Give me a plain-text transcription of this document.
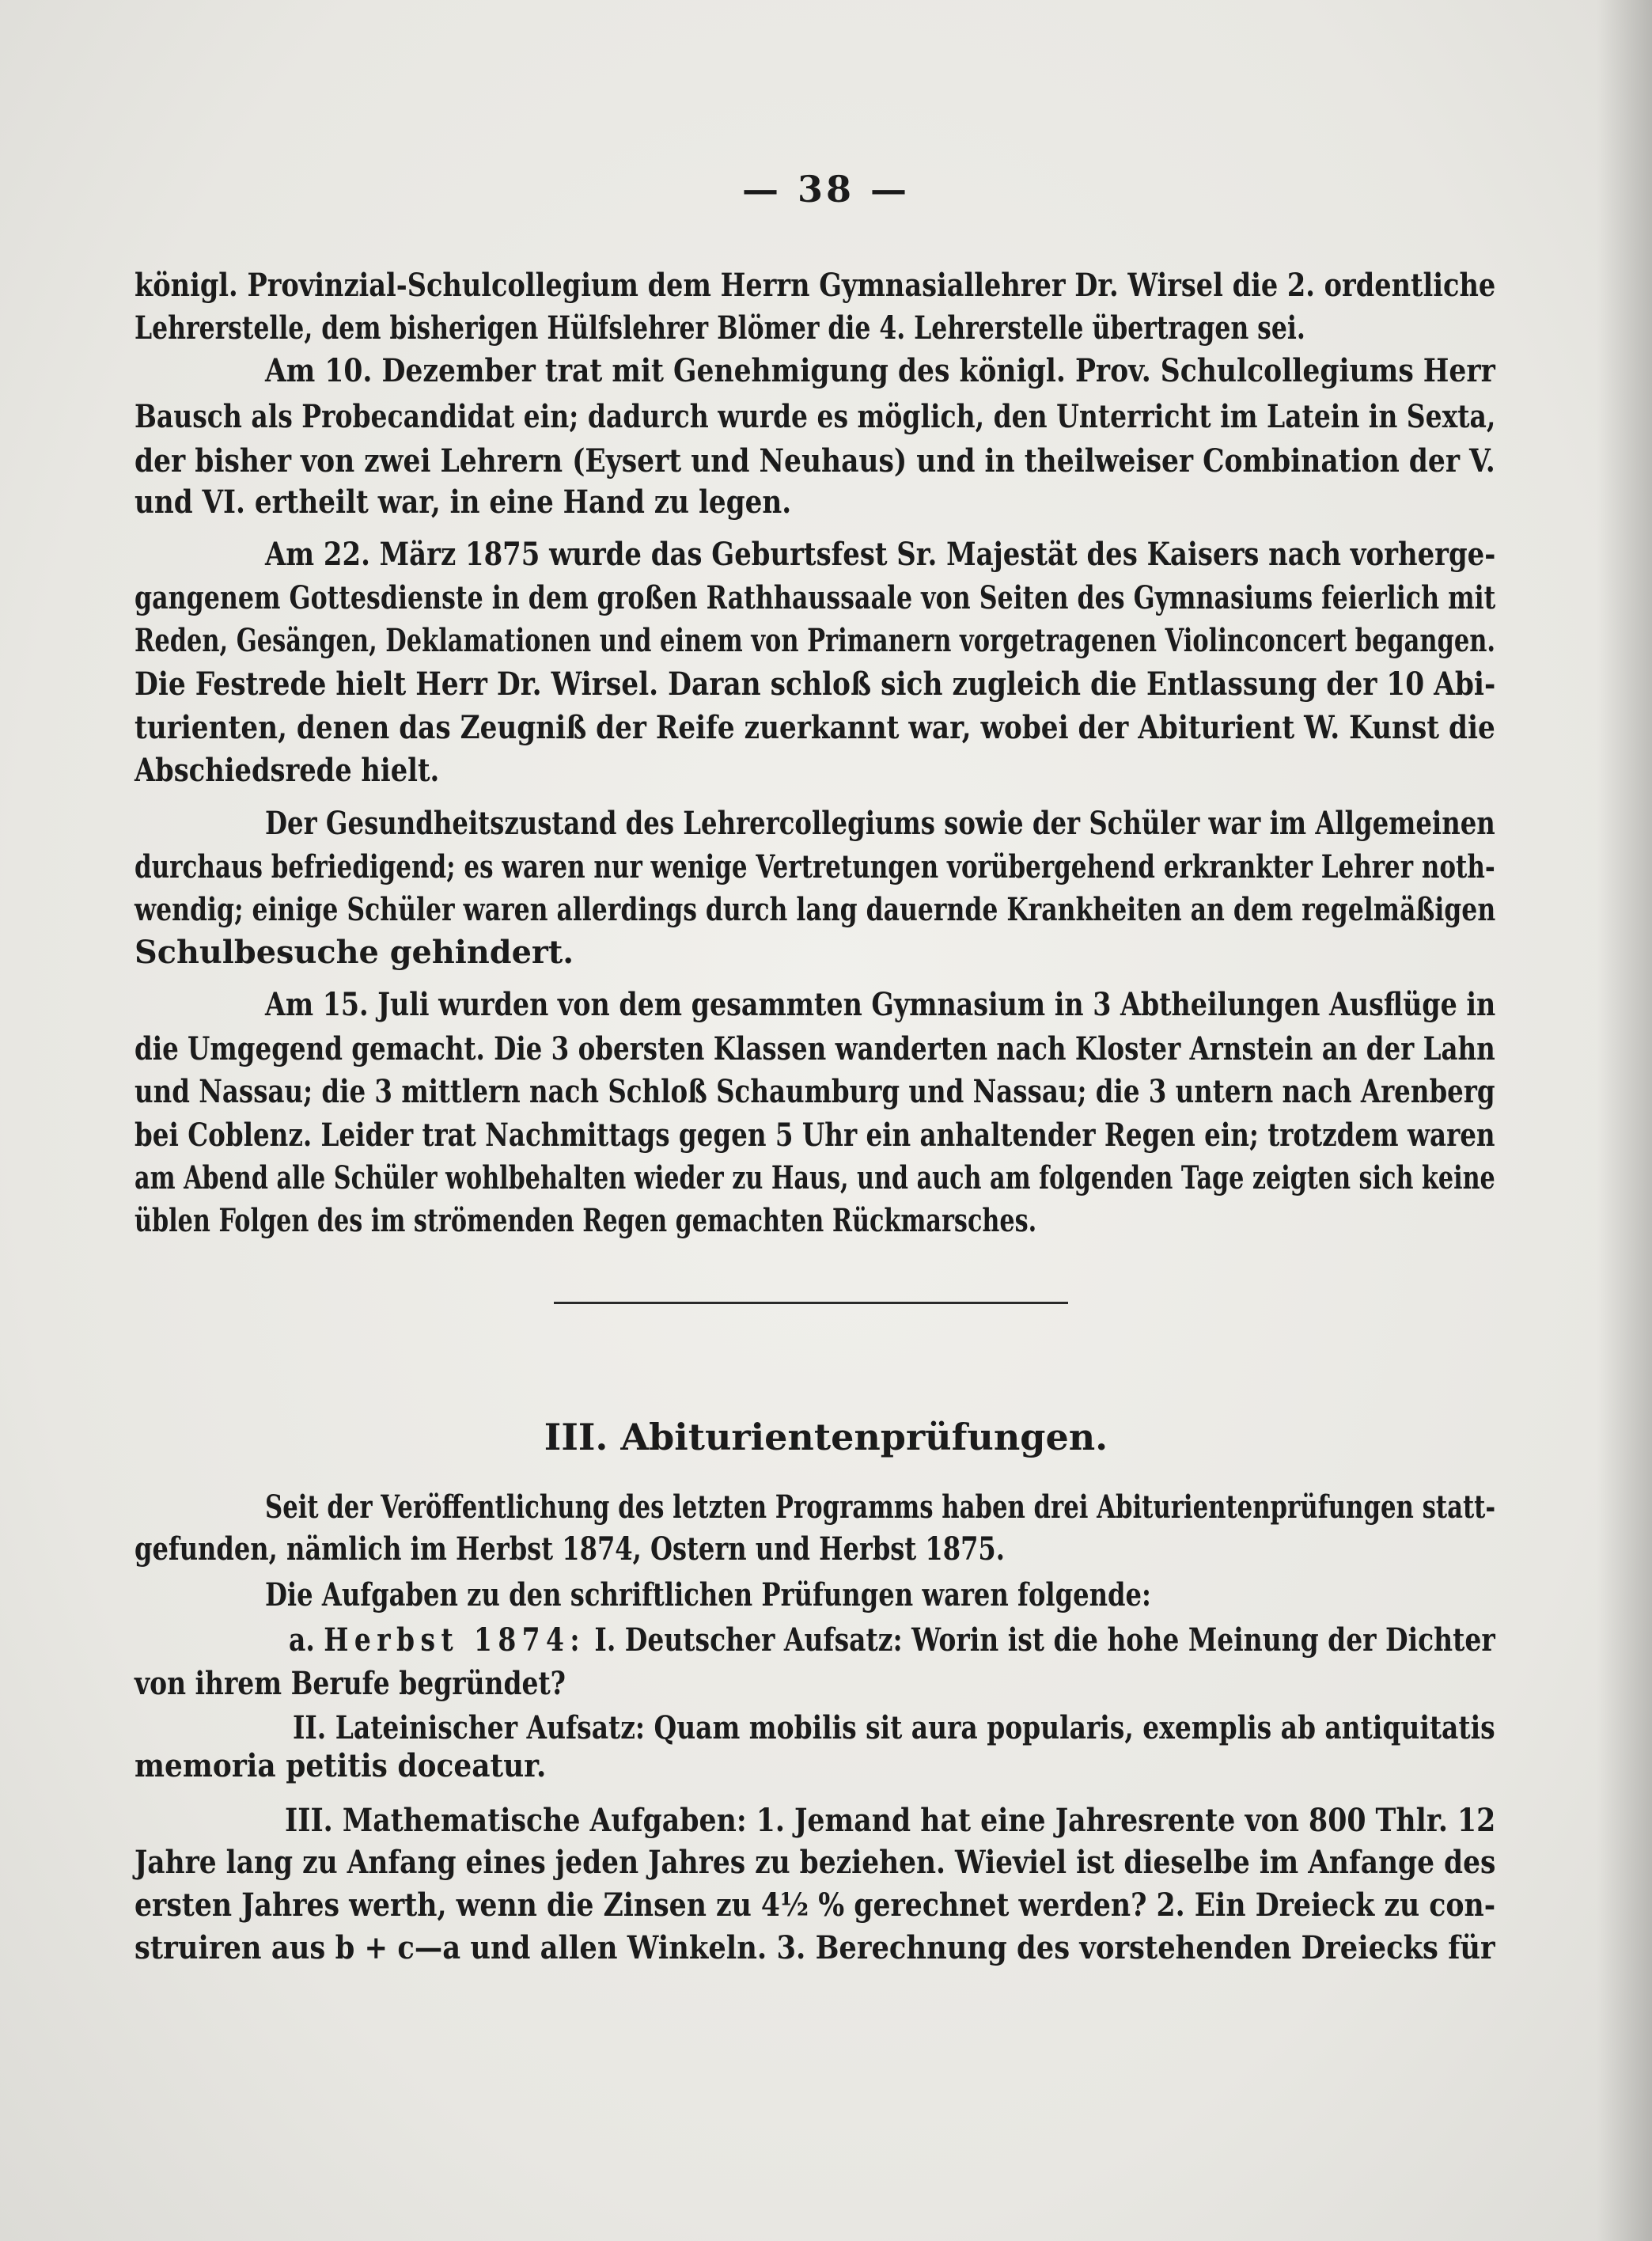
— 38 —
königl. Provinzial-Schulcollegium dem Herrn Gymnasiallehrer Dr. Wirsel die 2. ordentliche
Lehrerstelle, dem bisherigen Hülfslehrer Blömer die 4. Lehrerstelle übertragen sei.
Am 10. Dezember trat mit Genehmigung des königl. Prov. Schulcollegiums Herr
Bausch als Probecandidat ein; dadurch wurde es möglich, den Unterricht im Latein in Sexta,
der bisher von zwei Lehrern (Eysert und Neuhaus) und in theilweiser Combination der V.
und VI. ertheilt war, in eine Hand zu legen.
Am 22. März 1875 wurde das Geburtsfest Sr. Majestät des Kaisers nach vorherge-
gangenem Gottesdienste in dem großen Rathhaussaale von Seiten des Gymnasiums feierlich mit
Reden, Gesängen, Deklamationen und einem von Primanern vorgetragenen Violinconcert begangen.
Die Festrede hielt Herr Dr. Wirsel. Daran schloß sich zugleich die Entlassung der 10 Abi-
turienten, denen das Zeugniß der Reife zuerkannt war, wobei der Abiturient W. Kunst die
Abschiedsrede hielt.
Der Gesundheitszustand des Lehrercollegiums sowie der Schüler war im Allgemeinen
durchaus befriedigend; es waren nur wenige Vertretungen vorübergehend erkrankter Lehrer noth-
wendig; einige Schüler waren allerdings durch lang dauernde Krankheiten an dem regelmäßigen
Schulbesuche gehindert.
Am 15. Juli wurden von dem gesammten Gymnasium in 3 Abtheilungen Ausflüge in
die Umgegend gemacht. Die 3 obersten Klassen wanderten nach Kloster Arnstein an der Lahn
und Nassau; die 3 mittlern nach Schloß Schaumburg und Nassau; die 3 untern nach Arenberg
bei Coblenz. Leider trat Nachmittags gegen 5 Uhr ein anhaltender Regen ein; trotzdem waren
am Abend alle Schüler wohlbehalten wieder zu Haus, und auch am folgenden Tage zeigten sich keine
üblen Folgen des im strömenden Regen gemachten Rückmarsches.
III. Abiturientenprüfungen.
Seit der Veröffentlichung des letzten Programms haben drei Abiturientenprüfungen statt-
gefunden, nämlich im Herbst 1874, Ostern und Herbst 1875.
Die Aufgaben zu den schriftlichen Prüfungen waren folgende:
a. Herbst 1874: I. Deutscher Aufsatz: Worin ist die hohe Meinung der Dichter
von ihrem Berufe begründet?
II. Lateinischer Aufsatz: Quam mobilis sit aura popularis, exemplis ab antiquitatis
memoria petitis doceatur.
III. Mathematische Aufgaben: 1. Jemand hat eine Jahresrente von 800 Thlr. 12
Jahre lang zu Anfang eines jeden Jahres zu beziehen. Wieviel ist dieselbe im Anfange des
ersten Jahres werth, wenn die Zinsen zu 4½ % gerechnet werden? 2. Ein Dreieck zu con-
struiren aus b + c—a und allen Winkeln. 3. Berechnung des vorstehenden Dreiecks für
